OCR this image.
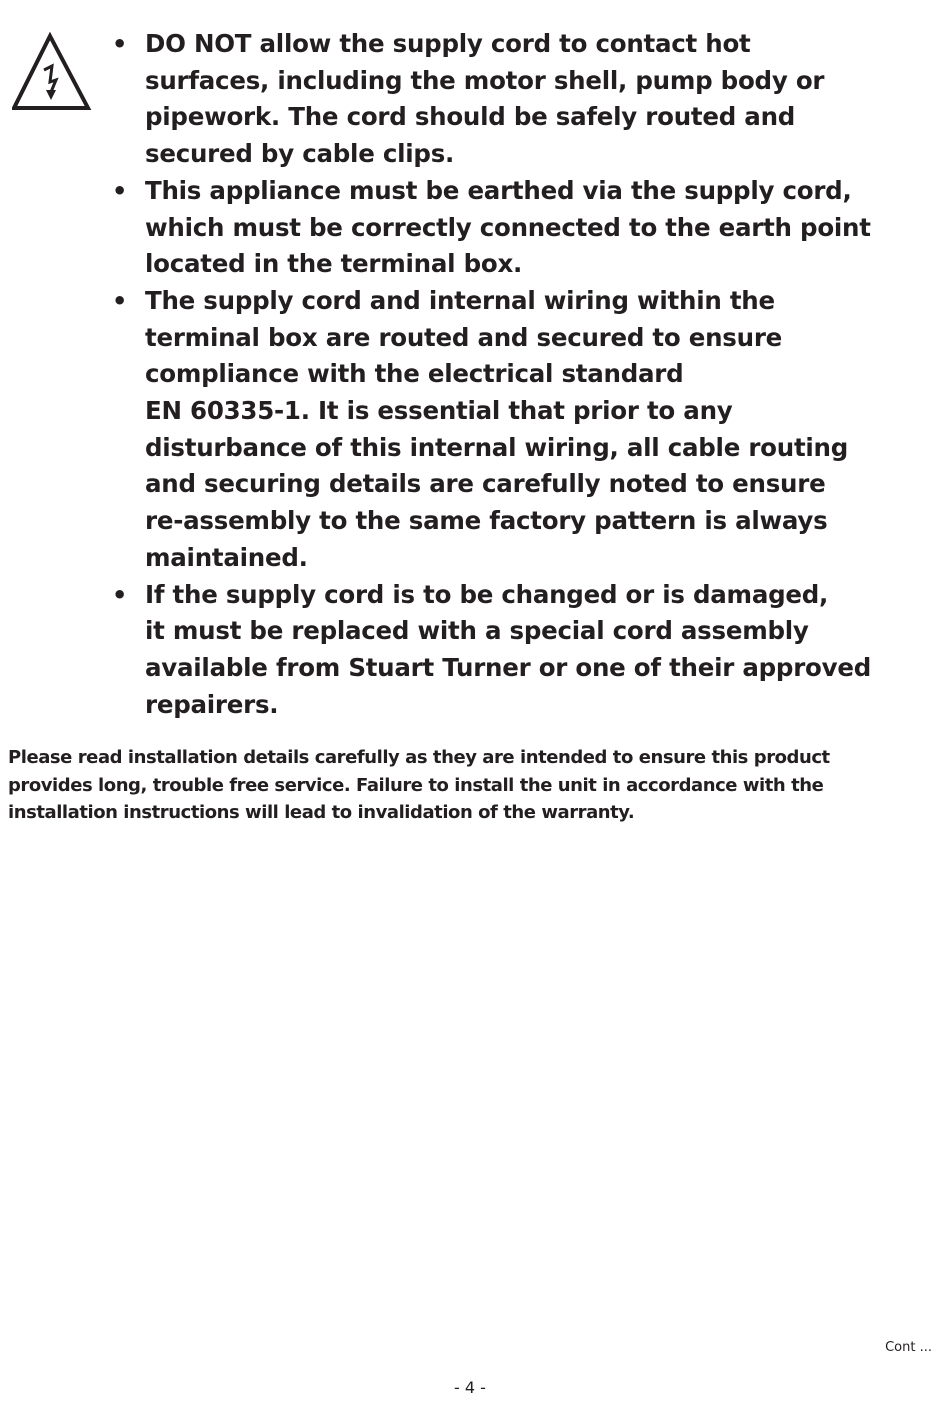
• DO NOT allow the supply cord to contact hot
surfaces, including the motor shell, pump body or
pipework. The cord should be safely routed and
secured by cable clips.
• This appliance must be earthed via the supply cord,
which must be correctly connected to the earth point
located in the terminal box.
• The supply cord and internal wiring within the
terminal box are routed and secured to ensure
compliance with the electrical standard
EN 60335-1. It is essential that prior to any
disturbance of this internal wiring, all cable routing
and securing details are carefully noted to ensure
re-assembly to the same factory pattern is always
maintained.
• If the supply cord is to be changed or is damaged,
it must be replaced with a special cord assembly
available from Stuart Turner or one of their approved
repairers.

Please read installation details carefully as they are intended to ensure this product
provides long, trouble free service. Failure to install the unit in accordance with the
installation instructions will lead to invalidation of the warranty.

Cont ...
- 4 -
